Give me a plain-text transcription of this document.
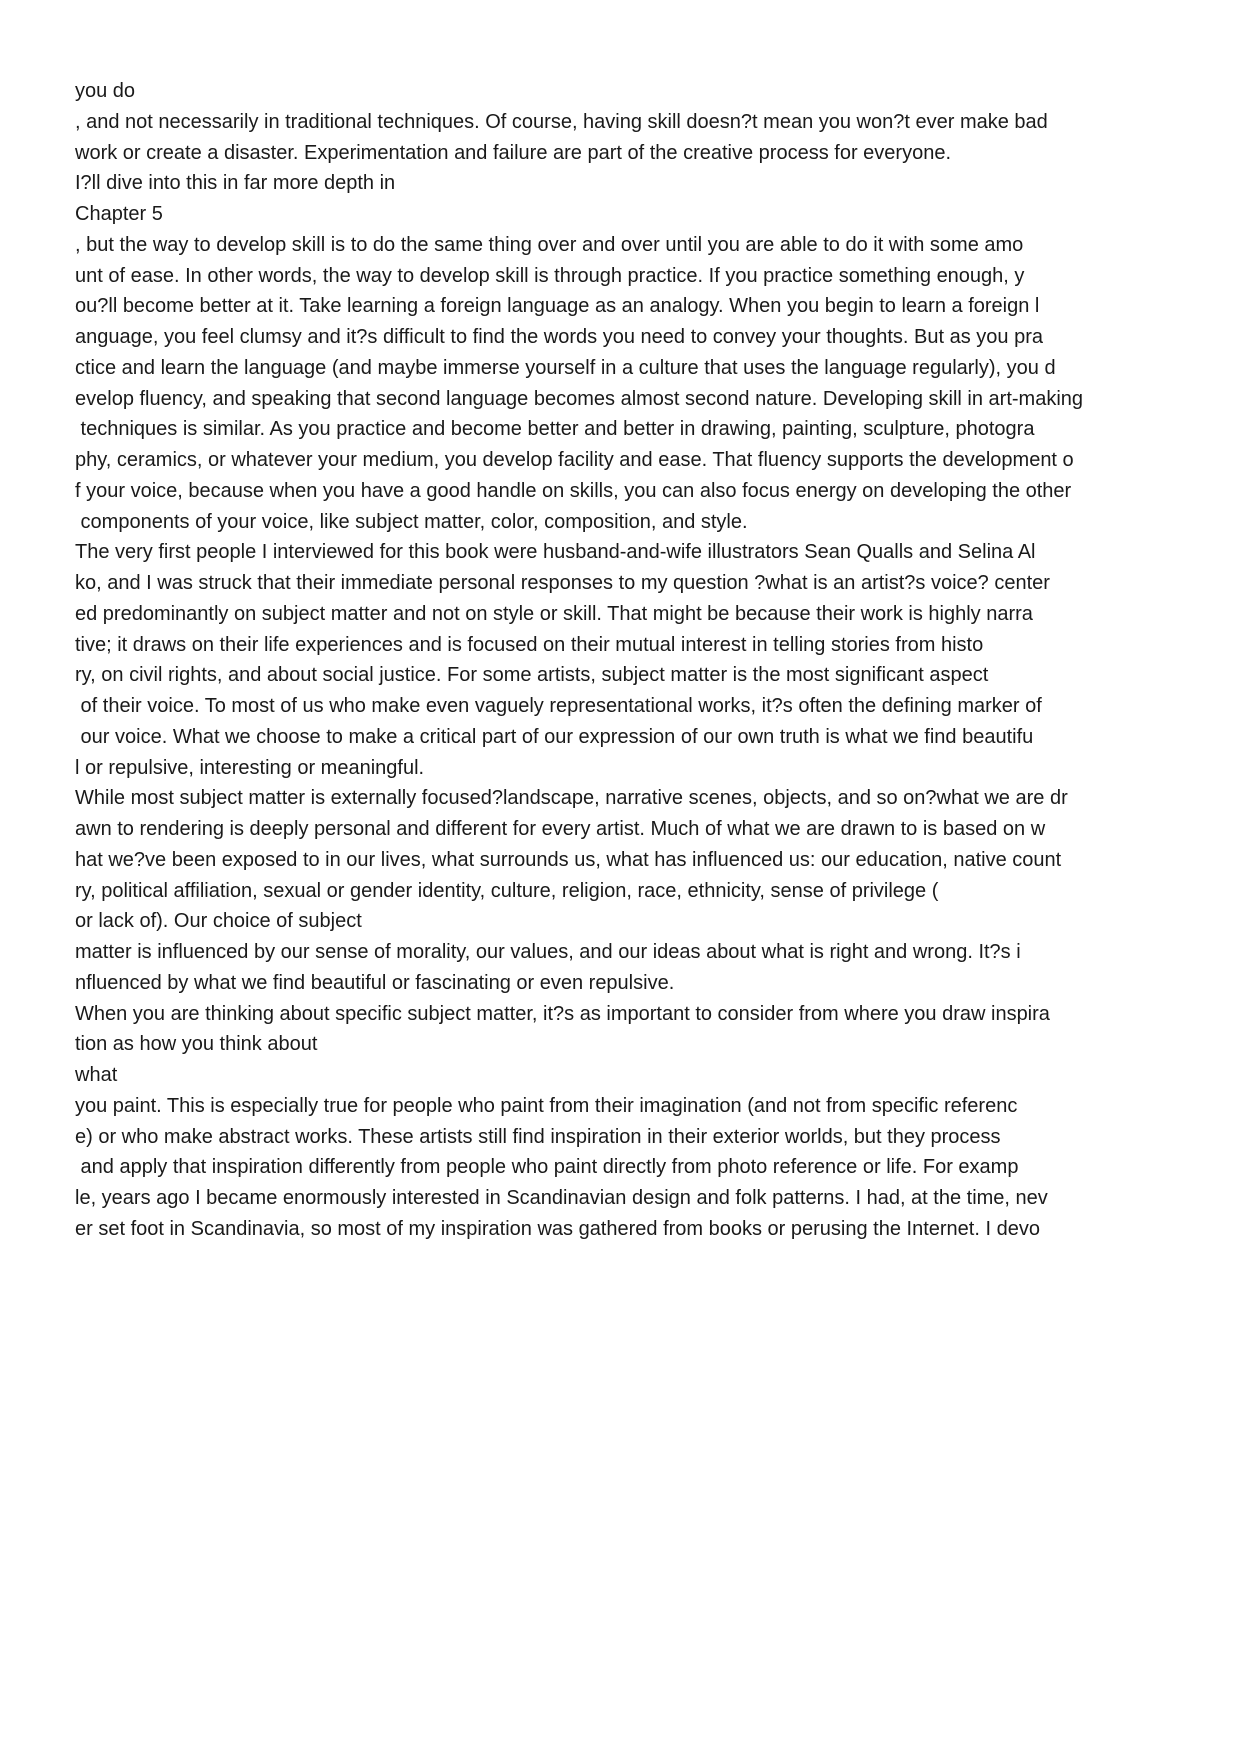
you do
, and not necessarily in traditional techniques. Of course, having skill doesn?t mean you won?t ever make bad
work or create a disaster. Experimentation and failure are part of the creative process for everyone.
I?ll dive into this in far more depth in
Chapter 5
, but the way to develop skill is to do the same thing over and over until you are able to do it with some amo
unt of ease. In other words, the way to develop skill is through practice. If you practice something enough, y
ou?ll become better at it. Take learning a foreign language as an analogy. When you begin to learn a foreign l
anguage, you feel clumsy and it?s difficult to find the words you need to convey your thoughts. But as you pra
ctice and learn the language (and maybe immerse yourself in a culture that uses the language regularly), you d
evelop fluency, and speaking that second language becomes almost second nature. Developing skill in art-making
techniques is similar. As you practice and become better and better in drawing, painting, sculpture, photogra
phy, ceramics, or whatever your medium, you develop facility and ease. That fluency supports the development o
f your voice, because when you have a good handle on skills, you can also focus energy on developing the other
components of your voice, like subject matter, color, composition, and style.
The very first people I interviewed for this book were husband-and-wife illustrators Sean Qualls and Selina Al
ko, and I was struck that their immediate personal responses to my question ?what is an artist?s voice? center
ed predominantly on subject matter and not on style or skill. That might be because their work is highly narra
tive; it draws on their life experiences and is focused on their mutual interest in telling stories from histo
ry, on civil rights, and about social justice. For some artists, subject matter is the most significant aspect
of their voice. To most of us who make even vaguely representational works, it?s often the defining marker of
our voice. What we choose to make a critical part of our expression of our own truth is what we find beautifu
l or repulsive, interesting or meaningful.
While most subject matter is externally focused?landscape, narrative scenes, objects, and so on?what we are dr
awn to rendering is deeply personal and different for every artist. Much of what we are drawn to is based on w
hat we?ve been exposed to in our lives, what surrounds us, what has influenced us: our education, native count
ry, political affiliation, sexual or gender identity, culture, religion, race, ethnicity, sense of privilege (
or lack of). Our choice of subject
matter is influenced by our sense of morality, our values, and our ideas about what is right and wrong. It?s i
nfluenced by what we find beautiful or fascinating or even repulsive.
When you are thinking about specific subject matter, it?s as important to consider from where you draw inspira
tion as how you think about
what
you paint. This is especially true for people who paint from their imagination (and not from specific referenc
e) or who make abstract works. These artists still find inspiration in their exterior worlds, but they process
and apply that inspiration differently from people who paint directly from photo reference or life. For examp
le, years ago I became enormously interested in Scandinavian design and folk patterns. I had, at the time, nev
er set foot in Scandinavia, so most of my inspiration was gathered from books or perusing the Internet. I devo
